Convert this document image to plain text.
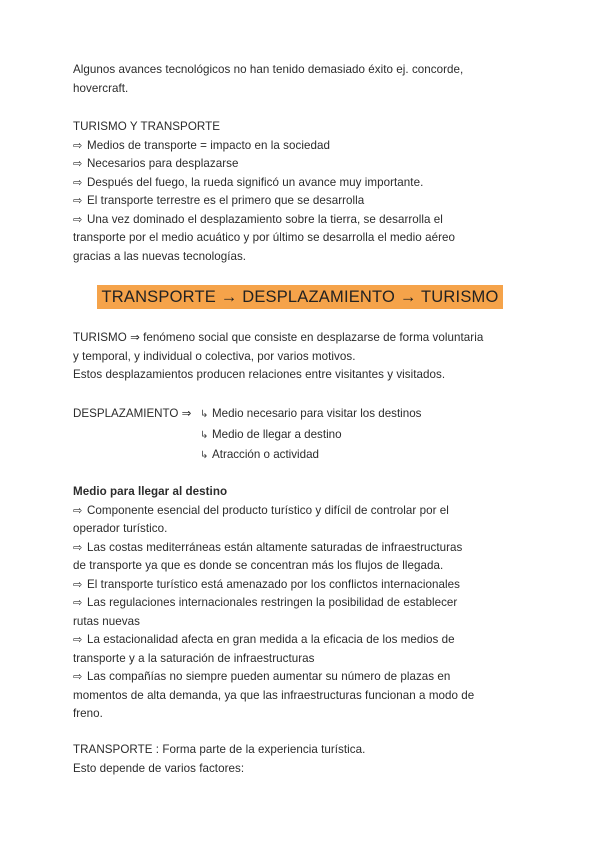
Algunos avances tecnológicos no han tenido demasiado éxito ej. concorde,
hovercraft.
TURISMO Y TRANSPORTE
⇨ Medios de transporte = impacto en la sociedad
⇨ Necesarios para desplazarse
⇨ Después del fuego, la rueda significó un avance muy importante.
⇨ El transporte terrestre es el primero que se desarrolla
⇨ Una vez dominado el desplazamiento sobre la tierra, se desarrolla el
transporte por el medio acuático y por último se desarrolla el medio aéreo
gracias a las nuevas tecnologías.
TRANSPORTE → DESPLAZAMIENTO → TURISMO
TURISMO ⇒ fenómeno social que consiste en desplazarse de forma voluntaria
y temporal, y individual o colectiva, por varios motivos.
Estos desplazamientos producen relaciones entre visitantes y visitados.
DESPLAZAMIENTO ⇒ ↳ Medio necesario para visitar los destinos
↳ Medio de llegar a destino
↳ Atracción o actividad
Medio para llegar al destino
⇨ Componente esencial del producto turístico y difícil de controlar por el
operador turístico.
⇨ Las costas mediterráneas están altamente saturadas de infraestructuras
de transporte ya que es donde se concentran más los flujos de llegada.
⇨ El transporte turístico está amenazado por los conflictos internacionales
⇨ Las regulaciones internacionales restringen la posibilidad de establecer
rutas nuevas
⇨ La estacionalidad afecta en gran medida a la eficacia de los medios de
transporte y a la saturación de infraestructuras
⇨ Las compañías no siempre pueden aumentar su número de plazas en
momentos de alta demanda, ya que las infraestructuras funcionan a modo de
freno.
TRANSPORTE : Forma parte de la experiencia turística.
Esto depende de varios factores:
